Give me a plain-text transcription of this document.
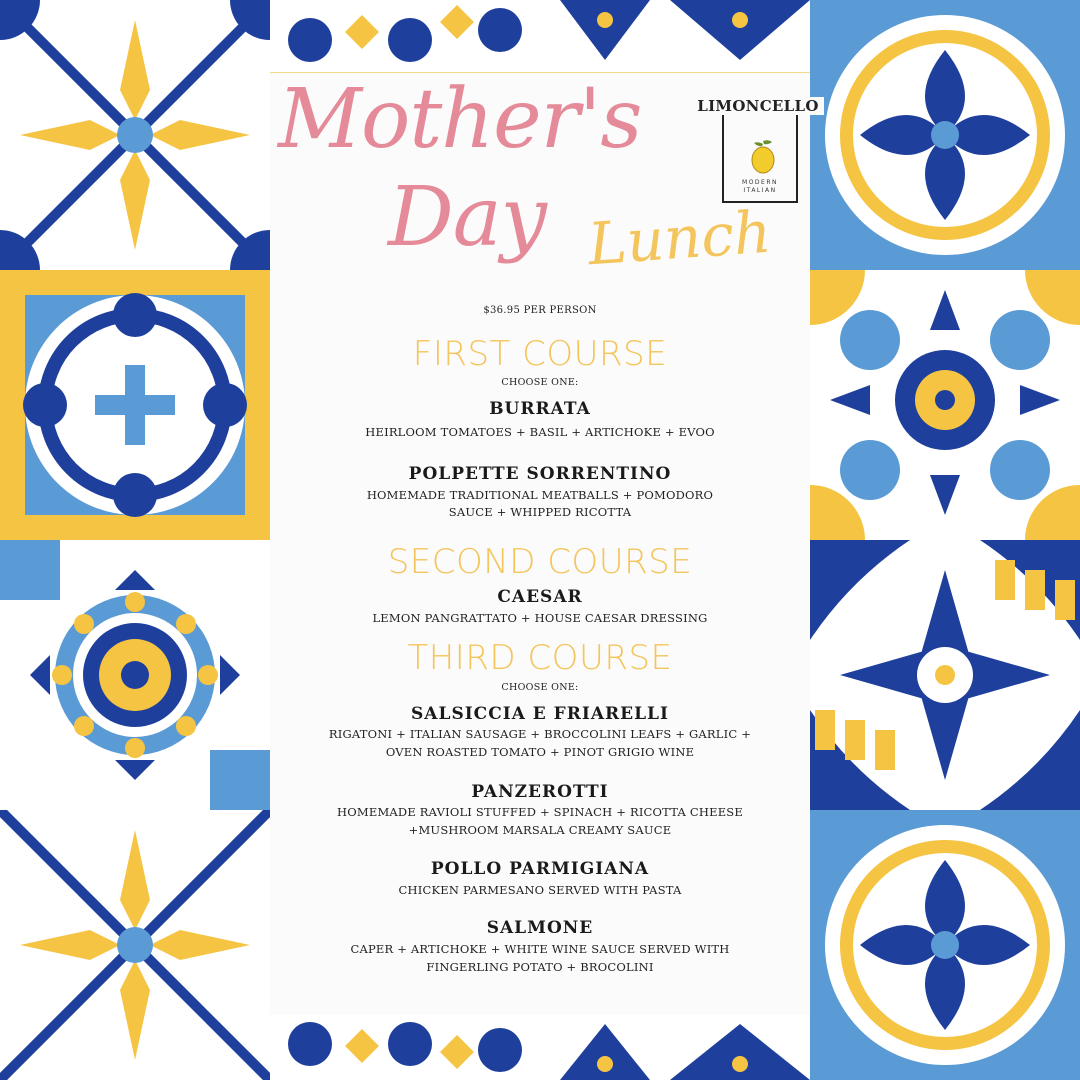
Mother's
Day Lunch
MODERN
ITALIAN
LIMONCELLO
$36.95 PER PERSON
FIRST COURSE
CHOOSE ONE:
BURRATA
HEIRLOOM TOMATOES + BASIL + ARTICHOKE + EVOO
POLPETTE SORRENTINO
HOMEMADE TRADITIONAL MEATBALLS + POMODORO
SAUCE + WHIPPED RICOTTA
SECOND COURSE
CAESAR
LEMON PANGRATTATO + HOUSE CAESAR DRESSING
THIRD COURSE
CHOOSE ONE:
SALSICCIA E FRIARELLI
RIGATONI + ITALIAN SAUSAGE + BROCCOLINI LEAFS + GARLIC +
OVEN ROASTED TOMATO + PINOT GRIGIO WINE
PANZEROTTI
HOMEMADE RAVIOLI STUFFED + SPINACH + RICOTTA CHEESE
+MUSHROOM MARSALA CREAMY SAUCE
POLLO PARMIGIANA
CHICKEN PARMESANO SERVED WITH PASTA
SALMONE
CAPER + ARTICHOKE + WHITE WINE SAUCE SERVED WITH
FINGERLING POTATO + BROCOLINI
